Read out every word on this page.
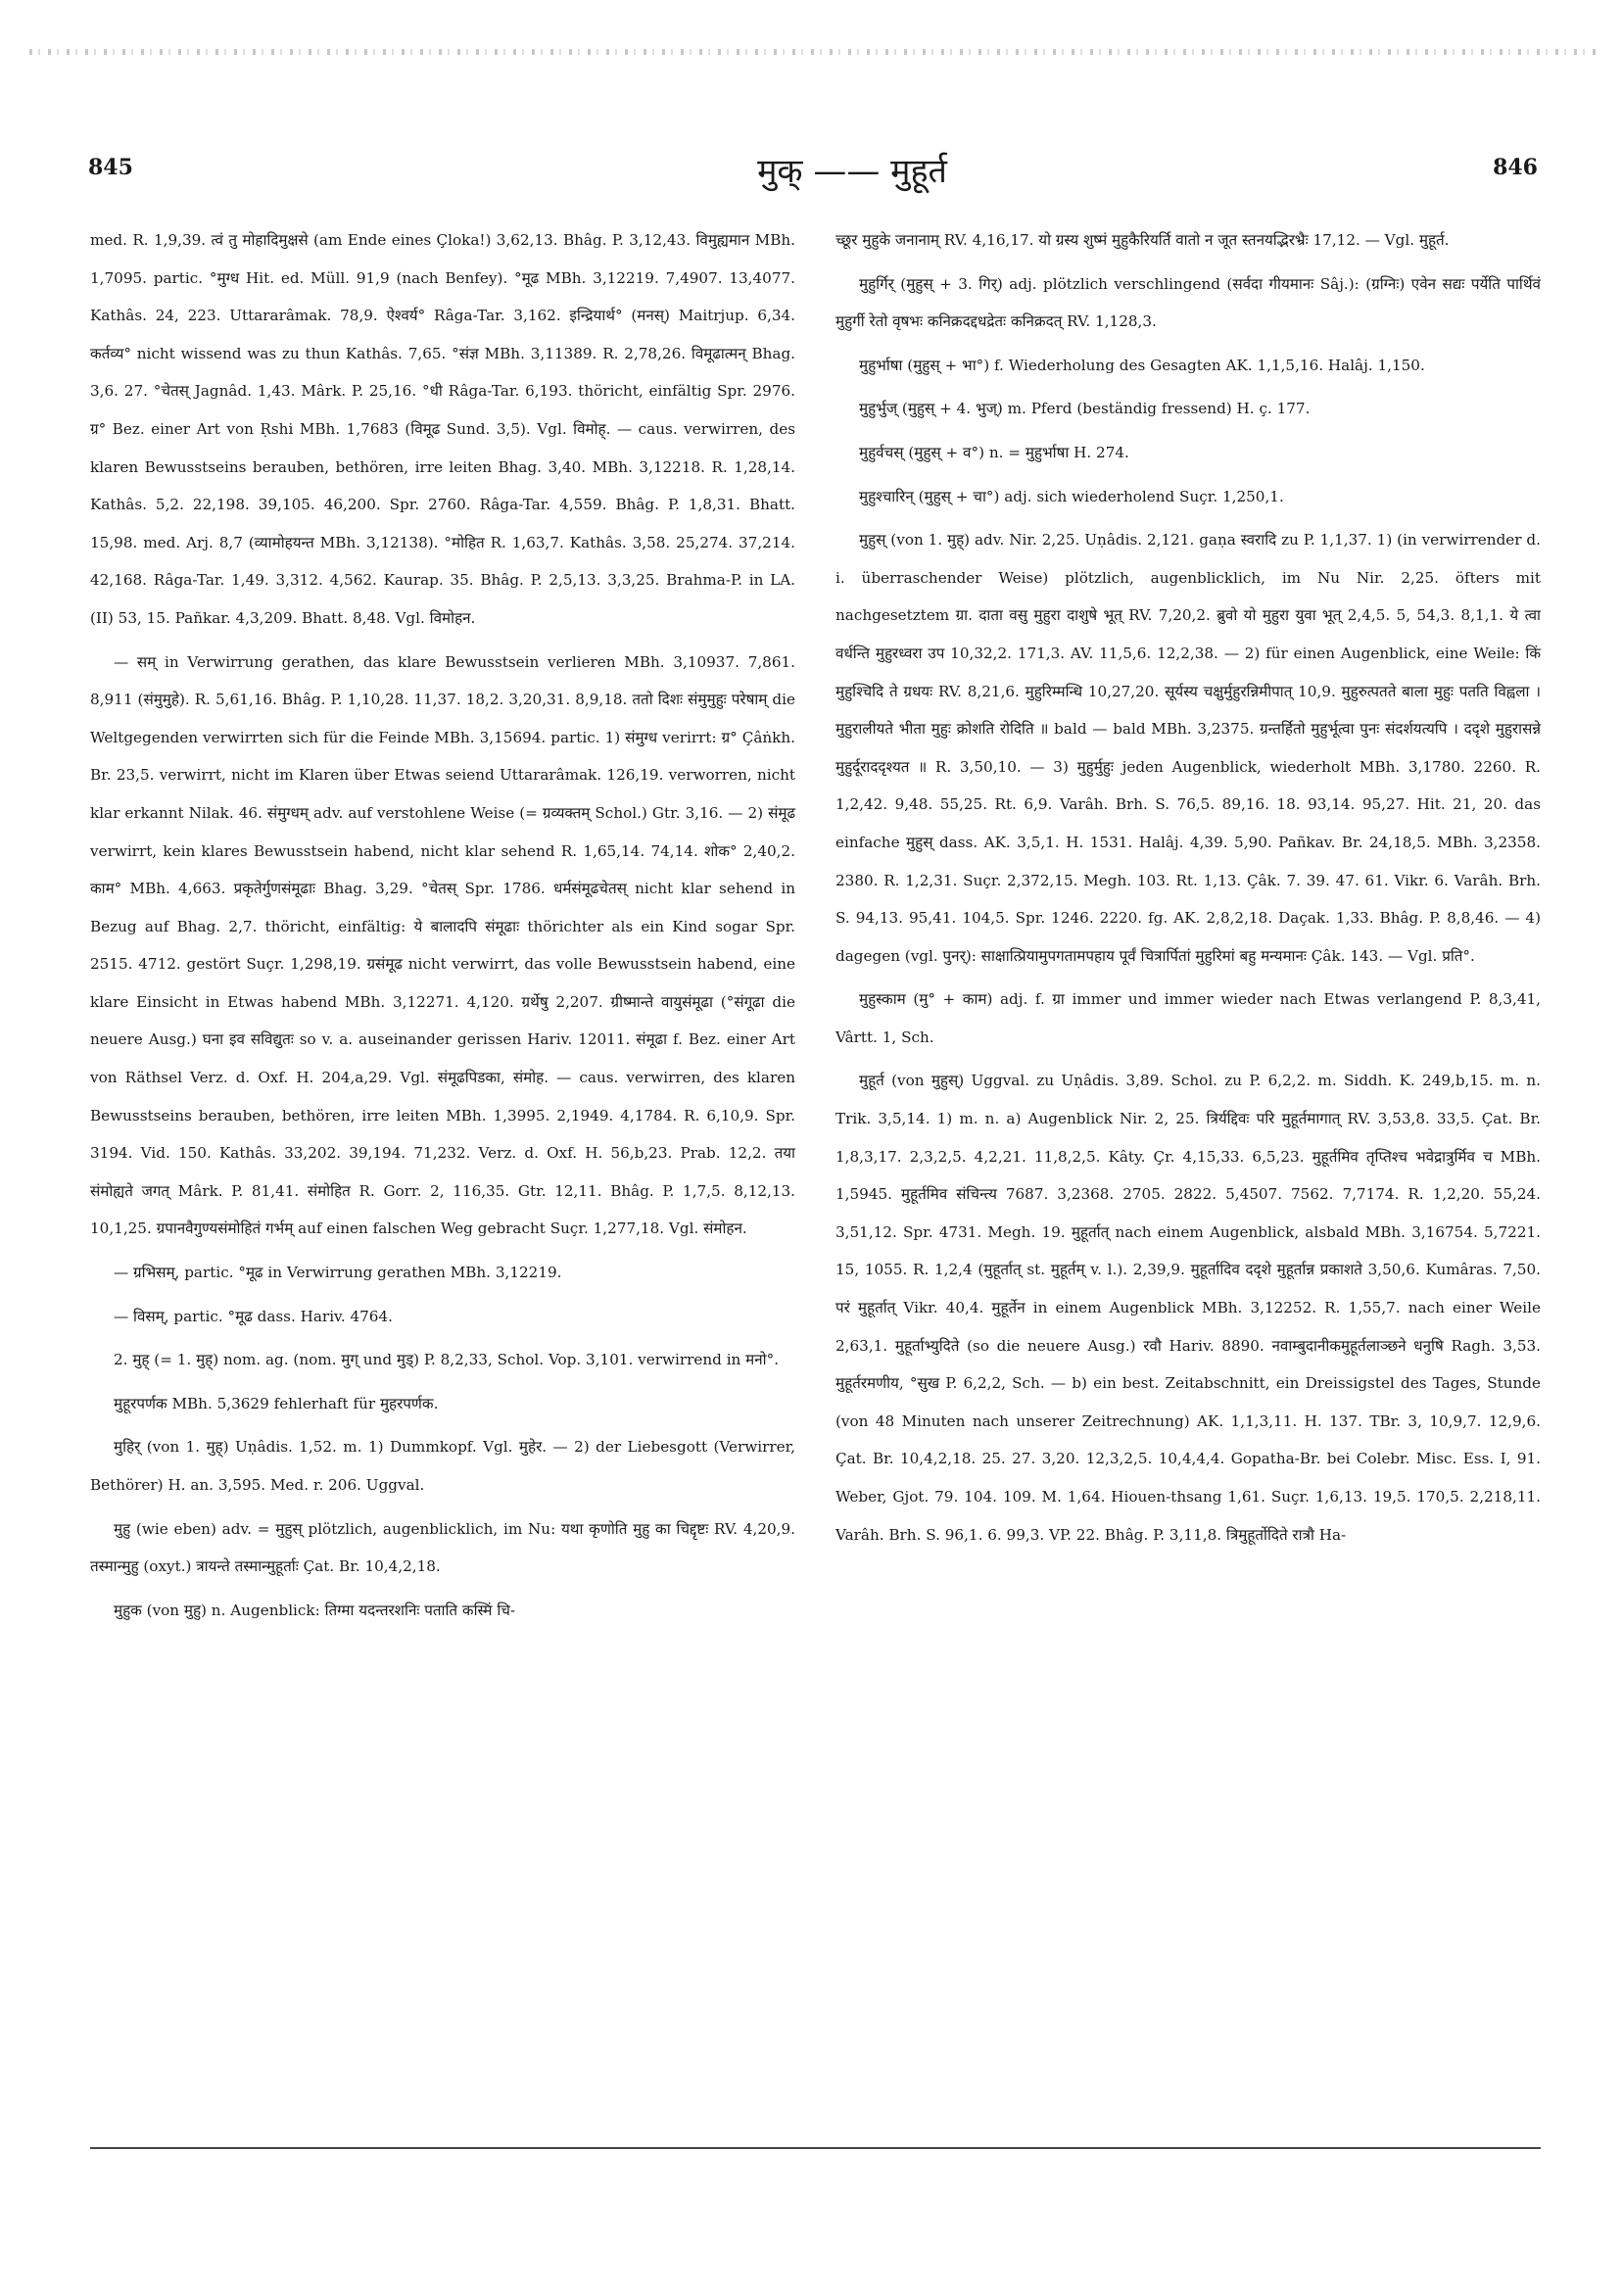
845	मुक् —— मुहूर्त	846

med. R. 1,9,39. त्वं तु मोहादिमुक्षसे (am Ende eines Çloka!) 3,62,13. Bhâg. P. 3,12,43. विमुह्यमान MBh. 1,7095. partic. °मुग्ध Hit. ed. Müll. 91,9 (nach Benfey). °मूढ MBh. 3,12219. 7,4907. 13,4077. Kathâs. 24, 223. Uttararâmak. 78,9. ऐश्वर्य° Râga-Tar. 3,162. इन्द्रियार्थ° (मनस्) Maitrjup. 6,34. कर्तव्य° nicht wissend was zu thun Kathâs. 7,65. °संज्ञ MBh. 3,11389. R. 2,78,26. विमूढात्मन् Bhag. 3,6. 27. °चेतस् Jagnâd. 1,43. Mârk. P. 25,16. °धी Râga-Tar. 6,193. thöricht, einfältig Spr. 2976. ग्र° Bez. einer Art von Ṛshi MBh. 1,7683 (विमूढ Sund. 3,5). Vgl. विमोह्. — caus. verwirren, des klaren Bewusstseins berauben, bethören, irre leiten Bhag. 3,40. MBh. 3,12218. R. 1,28,14. Kathâs. 5,2. 22,198. 39,105. 46,200. Spr. 2760. Râga-Tar. 4,559. Bhâg. P. 1,8,31. Bhatt. 15,98. med. Arj. 8,7 (व्यामोहयन्त MBh. 3,12138). °मोहित R. 1,63,7. Kathâs. 3,58. 25,274. 37,214. 42,168. Râga-Tar. 1,49. 3,312. 4,562. Kaurap. 35. Bhâg. P. 2,5,13. 3,3,25. Brahma-P. in LA. (II) 53, 15. Pañkar. 4,3,209. Bhatt. 8,48. Vgl. विमोहन.

— सम् in Verwirrung gerathen, das klare Bewusstsein verlieren MBh. 3,10937. 7,861. 8,911 (संमुमुहे). R. 5,61,16. Bhâg. P. 1,10,28. 11,37. 18,2. 3,20,31. 8,9,18. ततो दिशः संमुमुहुः परेषाम् die Weltgegenden verwirrten sich für die Feinde MBh. 3,15694. partic. 1) संमुग्ध verirrt: ग्र° Çâṅkh. Br. 23,5. verwirrt, nicht im Klaren über Etwas seiend Uttararâmak. 126,19. verworren, nicht klar erkannt Nilak. 46. संमुग्धम् adv. auf verstohlene Weise (= ग्रव्यक्तम् Schol.) Gtr. 3,16. — 2) संमूढ verwirrt, kein klares Bewusstsein habend, nicht klar sehend R. 1,65,14. 74,14. शोक° 2,40,2. काम° MBh. 4,663. प्रकृतेर्गुणसंमूढाः Bhag. 3,29. °चेतस् Spr. 1786. धर्मसंमूढचेतस् nicht klar sehend in Bezug auf Bhag. 2,7. thöricht, einfältig: ये बालादपि संमूढाः thörichter als ein Kind sogar Spr. 2515. 4712. gestört Suçr. 1,298,19. ग्रसंमूढ nicht verwirrt, das volle Bewusstsein habend, eine klare Einsicht in Etwas habend MBh. 3,12271. 4,120. ग्रर्थेषु 2,207. ग्रीष्मान्ते वायुसंमूढा (°संगूढा die neuere Ausg.) घना इव सविद्युतः so v. a. auseinander gerissen Hariv. 12011. संमूढा f. Bez. einer Art von Räthsel Verz. d. Oxf. H. 204,a,29. Vgl. संमूढपिडका, संमोह. — caus. verwirren, des klaren Bewusstseins berauben, bethören, irre leiten MBh. 1,3995. 2,1949. 4,1784. R. 6,10,9. Spr. 3194. Vid. 150. Kathâs. 33,202. 39,194. 71,232. Verz. d. Oxf. H. 56,b,23. Prab. 12,2. तया संमोह्यते जगत् Mârk. P. 81,41. संमोहित R. Gorr. 2, 116,35. Gtr. 12,11. Bhâg. P. 1,7,5. 8,12,13. 10,1,25. ग्रपानवैगुण्यसंमोहितं गर्भम् auf einen falschen Weg gebracht Suçr. 1,277,18. Vgl. संमोहन.

— ग्रभिसम्, partic. °मूढ in Verwirrung gerathen MBh. 3,12219.

— विसम्, partic. °मूढ dass. Hariv. 4764.

2. मुह् (= 1. मुह्) nom. ag. (nom. मुग् und मुड्) P. 8,2,33, Schol. Vop. 3,101. verwirrend in मनो°.

मुहूरपर्णक MBh. 5,3629 fehlerhaft für मुहरपर्णक.

मुहिर् (von 1. मुह्) Uṇâdis. 1,52. m. 1) Dummkopf. Vgl. मुहेर. — 2) der Liebesgott (Verwirrer, Bethörer) H. an. 3,595. Med. r. 206. Uggval.

मुहु (wie eben) adv. = मुहुस् plötzlich, augenblicklich, im Nu: यथा कृणोति मुहु का चिद्दृष्टः RV. 4,20,9. तस्मान्मुहु (oxyt.) त्रायन्ते तस्मान्मुहूर्ताः Çat. Br. 10,4,2,18.

मुहुक (von मुहु) n. Augenblick: तिग्मा यदन्तरशनिः पताति कस्मिं चि-

च्छूर मुहुके जनानाम् RV. 4,16,17. यो ग्रस्य शुष्मं मुहुकैरियर्ति वातो न जूत स्तनयद्भिरभ्रैः 17,12. — Vgl. मुहूर्त.

मुहुर्गिर् (मुहुस् + 3. गिर्) adj. plötzlich verschlingend (सर्वदा गीयमानः Sâj.): (ग्रग्निः) एवेन सद्यः पर्येति पार्थिवं मुहुर्गी रेतो वृषभः कनिक्रदद्दधद्रेतः कनिक्रदत् RV. 1,128,3.

मुहुर्भाषा (मुहुस् + भा°) f. Wiederholung des Gesagten AK. 1,1,5,16. Halâj. 1,150.

मुहुर्भुज् (मुहुस् + 4. भुज्) m. Pferd (beständig fressend) H. ç. 177.

मुहुर्वचस् (मुहुस् + व°) n. = मुहुर्भाषा H. 274.

मुहुश्चारिन् (मुहुस् + चा°) adj. sich wiederholend Suçr. 1,250,1.

मुहुस् (von 1. मुह्) adv. Nir. 2,25. Uṇâdis. 2,121. gaṇa स्वरादि zu P. 1,1,37. 1) (in verwirrender d. i. überraschender Weise) plötzlich, augenblicklich, im Nu Nir. 2,25. öfters mit nachgesetztem ग्रा. दाता वसु मुहुरा दाशुषे भूत् RV. 7,20,2. ब्रुवो यो मुहुरा युवा भूत् 2,4,5. 5, 54,3. 8,1,1. ये त्वा वर्धन्ति मुहुरध्वरा उप 10,32,2. 171,3. AV. 11,5,6. 12,2,38. — 2) für einen Augenblick, eine Weile: किं मुहुश्चिदि ते ग्रधयः RV. 8,21,6. मुहुरिम्मन्धि 10,27,20. सूर्यस्य चक्षुर्मुहुरन्निमीपात् 10,9. मुहुरुत्पतते बाला मुहुः पतति विह्वला । मुहुरालीयते भीता मुहुः क्रोशति रोदिति ॥ bald — bald MBh. 3,2375. ग्रन्तर्हितो मुहुर्भूत्वा पुनः संदर्शयत्यपि । ददृशे मुहुरासन्ने मुहुर्दूराददृश्यत ॥ R. 3,50,10. — 3) मुहुर्मुहुः jeden Augenblick, wiederholt MBh. 3,1780. 2260. R. 1,2,42. 9,48. 55,25. Rt. 6,9. Varâh. Brh. S. 76,5. 89,16. 18. 93,14. 95,27. Hit. 21, 20. das einfache मुहुस् dass. AK. 3,5,1. H. 1531. Halâj. 4,39. 5,90. Pañkav. Br. 24,18,5. MBh. 3,2358. 2380. R. 1,2,31. Suçr. 2,372,15. Megh. 103. Rt. 1,13. Çâk. 7. 39. 47. 61. Vikr. 6. Varâh. Brh. S. 94,13. 95,41. 104,5. Spr. 1246. 2220. fg. AK. 2,8,2,18. Daçak. 1,33. Bhâg. P. 8,8,46. — 4) dagegen (vgl. पुनर्): साक्षात्प्रियामुपगतामपहाय पूर्वं चित्रार्पितां मुहुरिमां बहु मन्यमानः Çâk. 143. — Vgl. प्रति°.

मुहुस्काम (मु° + काम) adj. f. ग्रा immer und immer wieder nach Etwas verlangend P. 8,3,41, Vârtt. 1, Sch.

मुहूर्त (von मुहुस्) Uggval. zu Uṇâdis. 3,89. Schol. zu P. 6,2,2. m. Siddh. K. 249,b,15. m. n. Trik. 3,5,14. 1) m. n. a) Augenblick Nir. 2, 25. त्रिर्यद्दिवः परि मुहूर्तमागात् RV. 3,53,8. 33,5. Çat. Br. 1,8,3,17. 2,3,2,5. 4,2,21. 11,8,2,5. Kâty. Çr. 4,15,33. 6,5,23. मुहूर्तमिव तृप्तिश्च भवेद्रात्रुर्मिव च MBh. 1,5945. मुहूर्तमिव संचिन्त्य 7687. 3,2368. 2705. 2822. 5,4507. 7562. 7,7174. R. 1,2,20. 55,24. 3,51,12. Spr. 4731. Megh. 19. मुहूर्तात् nach einem Augenblick, alsbald MBh. 3,16754. 5,7221. 15, 1055. R. 1,2,4 (मुहूर्तात् st. मुहूर्तम् v. l.). 2,39,9. मुहूर्तादिव ददृशे मुहूर्तान्न प्रकाशते 3,50,6. Kumâras. 7,50. परं मुहूर्तात् Vikr. 40,4. मुहूर्तेन in einem Augenblick MBh. 3,12252. R. 1,55,7. nach einer Weile 2,63,1. मुहूर्ताभ्युदिते (so die neuere Ausg.) रवौ Hariv. 8890. नवाम्बुदानीकमुहूर्तलाञ्छने धनुषि Ragh. 3,53. मुहूर्तरमणीय, °सुख P. 6,2,2, Sch. — b) ein best. Zeitabschnitt, ein Dreissigstel des Tages, Stunde (von 48 Minuten nach unserer Zeitrechnung) AK. 1,1,3,11. H. 137. TBr. 3, 10,9,7. 12,9,6. Çat. Br. 10,4,2,18. 25. 27. 3,20. 12,3,2,5. 10,4,4,4. Gopatha-Br. bei Colebr. Misc. Ess. I, 91. Weber, Gjot. 79. 104. 109. M. 1,64. Hiouen-thsang 1,61. Suçr. 1,6,13. 19,5. 170,5. 2,218,11. Varâh. Brh. S. 96,1. 6. 99,3. VP. 22. Bhâg. P. 3,11,8. त्रिमुहूर्तोदिते रात्रौ Ha-
